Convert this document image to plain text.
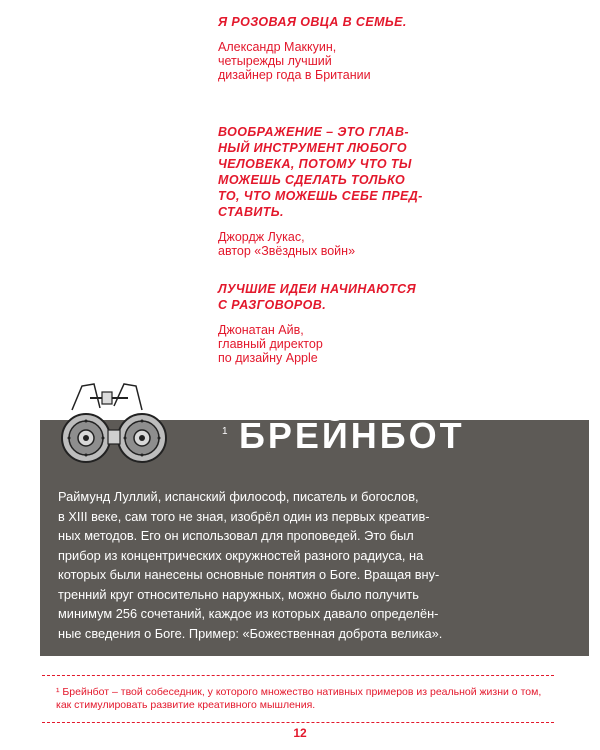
Я РОЗОВАЯ ОВЦА В СЕМЬЕ.
Александр Маккуин,
четырежды лучший
дизайнер года в Британии
ВООБРАЖЕНИЕ – ЭТО ГЛАВ-
НЫЙ ИНСТРУМЕНТ ЛЮБОГО
ЧЕЛОВЕКА, ПОТОМУ ЧТО ТЫ
МОЖЕШЬ СДЕЛАТЬ ТОЛЬКО
ТО, ЧТО МОЖЕШЬ СЕБЕ ПРЕД-
СТАВИТЬ.
Джордж Лукас,
автор «Звёздных войн»
ЛУЧШИЕ ИДЕИ НАЧИНАЮТСЯ
С РАЗГОВОРОВ.
Джонатан Айв,
главный директор
по дизайну Apple
1 БРЕЙНБОТ
Раймунд Луллий, испанский философ, писатель и богослов,
в XIII веке, сам того не зная, изобрёл один из первых креатив-
ных методов. Его он использовал для проповедей. Это был
прибор из концентрических окружностей разного радиуса, на
которых были нанесены основные понятия о Боге. Вращая вну-
тренний круг относительно наружных, можно было получить
минимум 256 сочетаний, каждое из которых давало определён-
ные сведения о Боге. Пример: «Божественная доброта велика».
¹ Брейнбот – твой собеседник, у которого множество нативных примеров из реальной жизни о том,
как стимулировать развитие креативного мышления.
12
